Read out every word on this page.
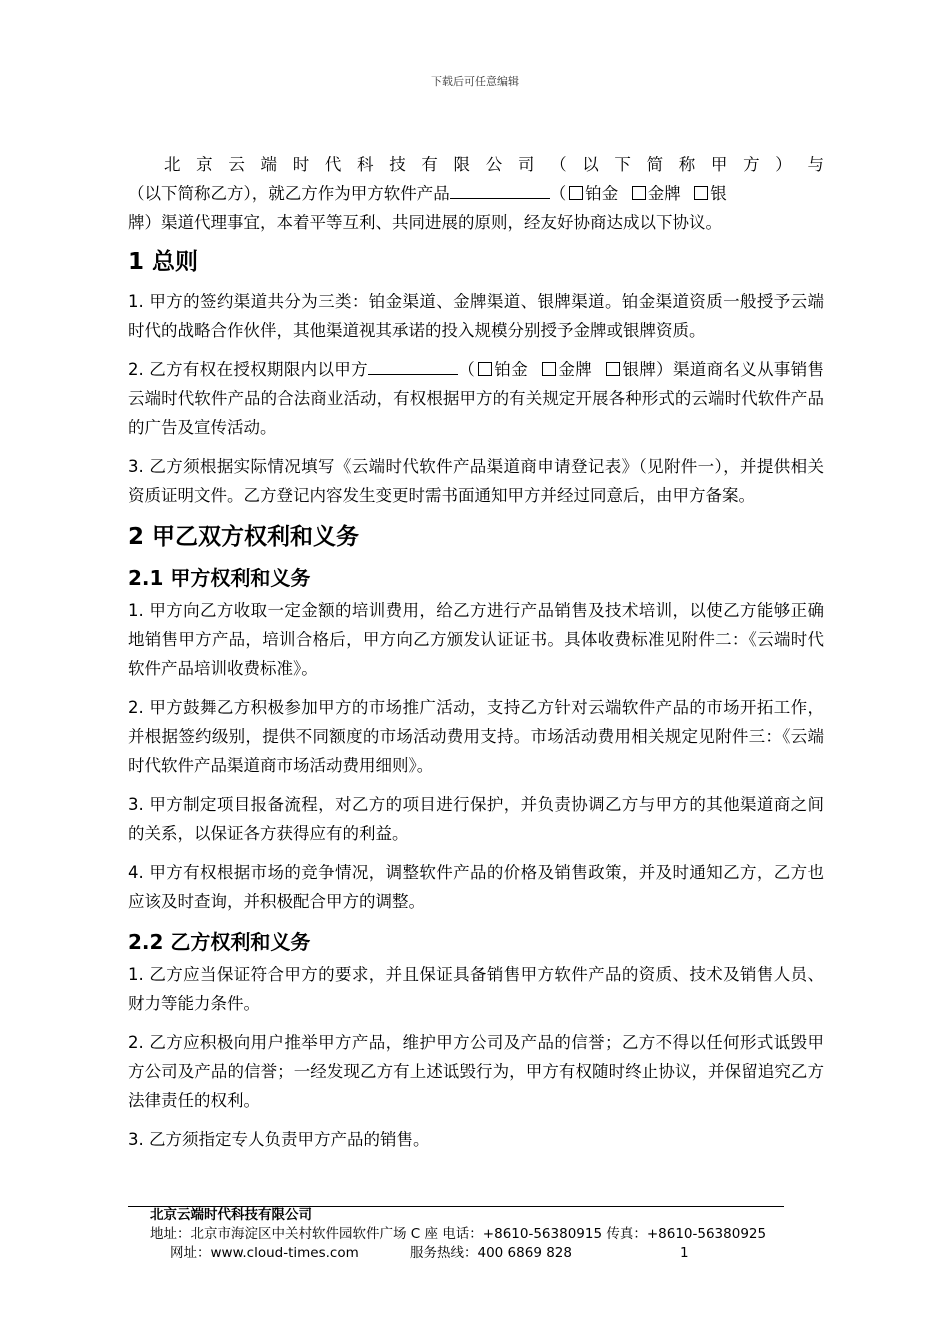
下载后可任意编辑
北 京 云 端 时 代 科 技 有 限 公 司 （ 以 下 简 称 甲 方 ） 与
（以下简称乙方），就乙方作为甲方软件产品	（ 铂金 金牌 银
牌）渠道代理事宜，本着平等互利、共同进展的原则，经友好协商达成以下协议。
1 总则

1. 甲方的签约渠道共分为三类：铂金渠道、金牌渠道、银牌渠道。铂金渠道资质一般授予云端时代的战略合作伙伴，其他渠道视其承诺的投入规模分别授予金牌或银牌资质。

2. 乙方有权在授权期限内以甲方	（ 铂金 金牌 银牌）渠道商名义从事销售云端时代软件产品的合法商业活动，有权根据甲方的有关规定开展各种形式的云端时代软件产品的广告及宣传活动。

3. 乙方须根据实际情况填写《云端时代软件产品渠道商申请登记表》（见附件一），并提供相关资质证明文件。乙方登记内容发生变更时需书面通知甲方并经过同意后，由甲方备案。

2 甲乙双方权利和义务
2.1 甲方权利和义务

1. 甲方向乙方收取一定金额的培训费用，给乙方进行产品销售及技术培训，以使乙方能够正确地销售甲方产品，培训合格后，甲方向乙方颁发认证证书。具体收费标准见附件二：《云端时代软件产品培训收费标准》。

2. 甲方鼓舞乙方积极参加甲方的市场推广活动，支持乙方针对云端软件产品的市场开拓工作，并根据签约级别，提供不同额度的市场活动费用支持。市场活动费用相关规定见附件三：《云端时代软件产品渠道商市场活动费用细则》。

3. 甲方制定项目报备流程，对乙方的项目进行保护，并负责协调乙方与甲方的其他渠道商之间的关系，以保证各方获得应有的利益。

4. 甲方有权根据市场的竞争情况，调整软件产品的价格及销售政策，并及时通知乙方，乙方也应该及时查询，并积极配合甲方的调整。

2.2 乙方权利和义务

1. 乙方应当保证符合甲方的要求，并且保证具备销售甲方软件产品的资质、技术及销售人员、财力等能力条件。

2. 乙方应积极向用户推举甲方产品，维护甲方公司及产品的信誉；乙方不得以任何形式诋毁甲方公司及产品的信誉；一经发现乙方有上述诋毁行为，甲方有权随时终止协议，并保留追究乙方法律责任的权利。

3. 乙方须指定专人负责甲方产品的销售。

北京云端时代科技有限公司
地址：北京市海淀区中关村软件园软件广场 C 座 电话：+8610-56380915 传真：+8610-56380925
网址：www.cloud-times.com	服务热线：400 6869 828	1
